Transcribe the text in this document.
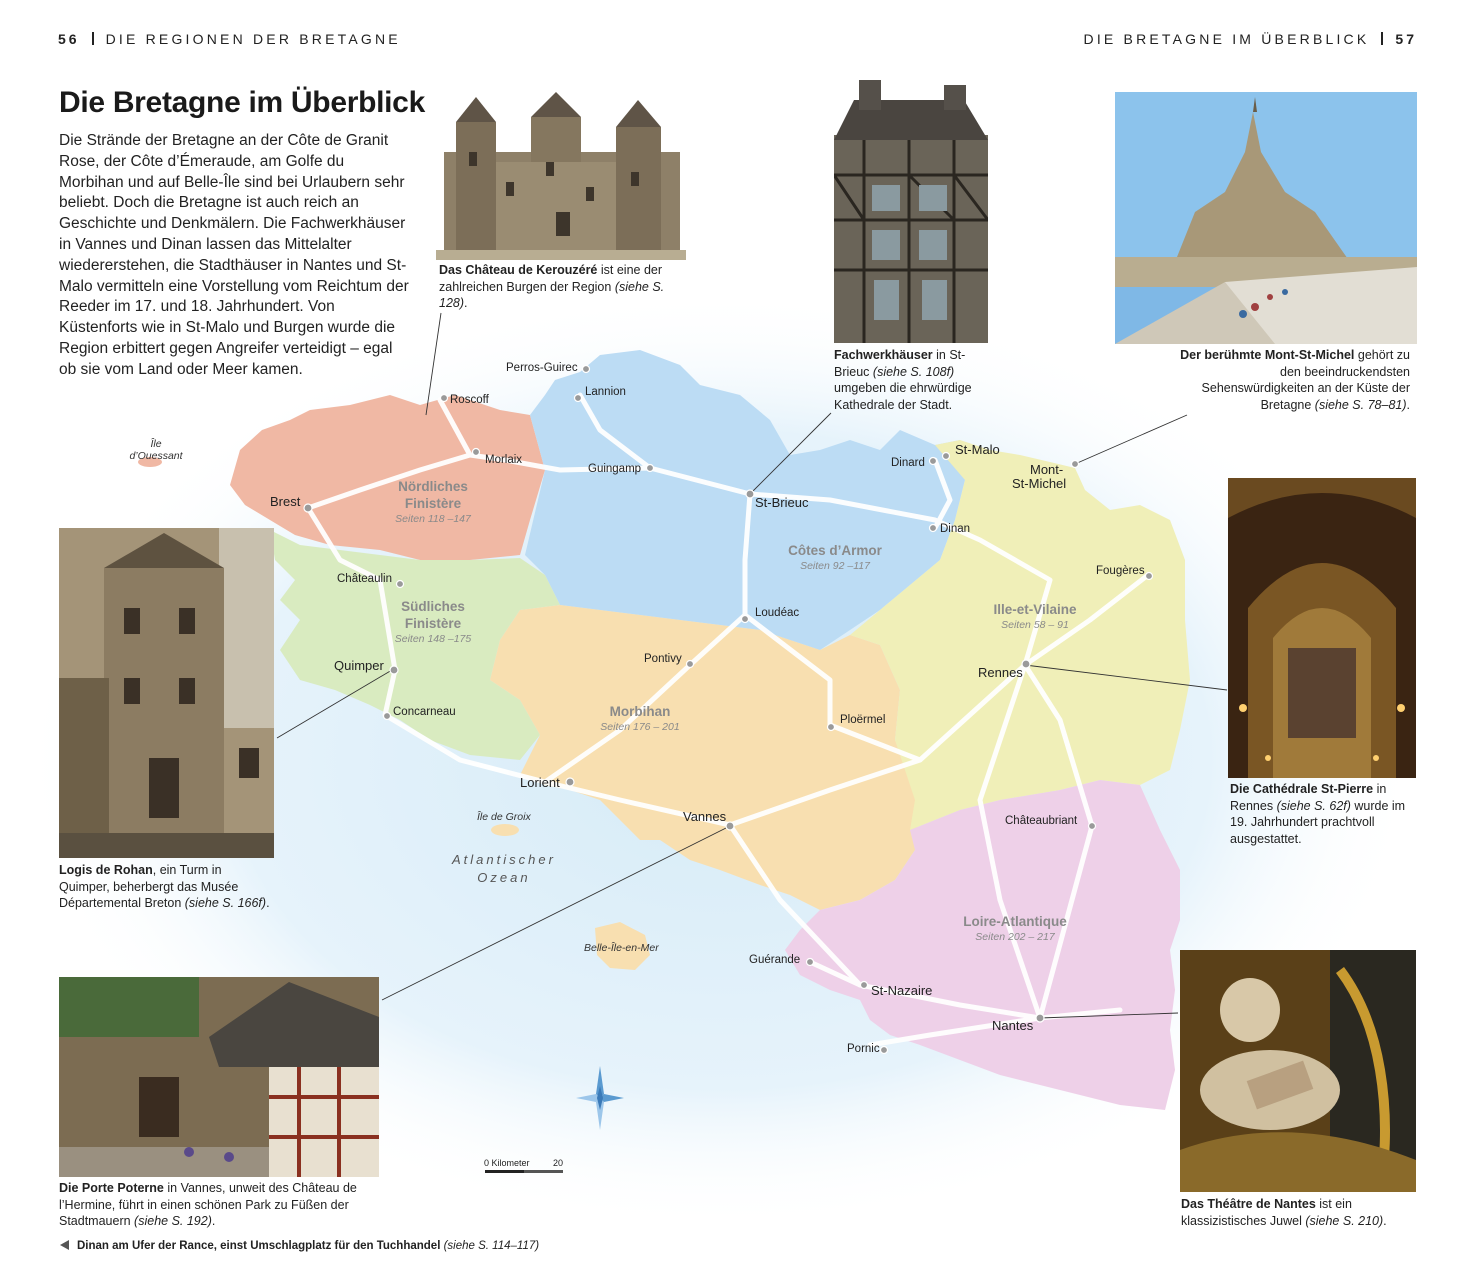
56 DIE REGIONEN DER BRETAGNE	DIE BRETAGNE IM ÜBERBLICK 57
Die Bretagne im Überblick
Die Strände der Bretagne an der Côte de Granit Rose, der Côte d’Émeraude, am Golfe du Morbihan und auf Belle-Île sind bei Urlaubern sehr beliebt. Doch die Bretagne ist auch reich an Geschichte und Denkmälern. Die Fachwerkhäuser in Vannes und Dinan lassen das Mittelalter wiedererstehen, die Stadthäuser in Nantes und St-Malo vermitteln eine Vorstellung vom Reichtum der Reeder im 17. und 18. Jahrhundert. Von Küstenforts wie in St-Malo und Burgen wurde die Region erbittert gegen Angreifer verteidigt – egal ob sie vom Land oder Meer kamen.
Das Château de Kerouzéré ist eine der zahlreichen Burgen der Region (siehe S. 128).
Fachwerkhäuser in St-Brieuc (siehe S. 108f) umgeben die ehrwürdige Kathedrale der Stadt.
Der berühmte Mont-St-Michel gehört zu den beeindruckendsten Sehenswürdigkeiten an der Küste der Bretagne (siehe S. 78–81).
Logis de Rohan, ein Turm in Quimper, beherbergt das Musée Départemental Breton (siehe S. 166f).
Die Cathédrale St-Pierre in Rennes (siehe S. 62f) wurde im 19. Jahrhundert prachtvoll ausgestattet.
Die Porte Poterne in Vannes, unweit des Château de l’Hermine, führt in einen schönen Park zu Füßen der Stadtmauern (siehe S. 192).
Das Théâtre de Nantes ist ein klassizistisches Juwel (siehe S. 210).
Nördliches
Finistère
Seiten 118 –147
Côtes d’Armor
Seiten 92 –117
Südliches
Finistère
Seiten 148 –175
Morbihan
Seiten 176 – 201
Ille-et-Vilaine
Seiten 58 – 91
Loire-Atlantique
Seiten 202 – 217
Perros-Guirec
Lannion
Roscoff
Morlaix
Guingamp
St-Brieuc
Dinard
St-Malo
Mont-
St-Michel
Dinan
Brest
Châteaulin
Loudéac
Fougères
Quimper	Pontivy
Rennes
Concarneau
Ploërmel
Lorient
Vannes	Châteaubriant
Guérande
St-Nazaire
Nantes
Pornic
Île
d’Ouessant
Île de Groix
Belle-Île-en-Mer
Atlantischer
Ozean
0 Kilometer	20
Dinan am Ufer der Rance, einst Umschlagplatz für den Tuchhandel (siehe S. 114–117)
